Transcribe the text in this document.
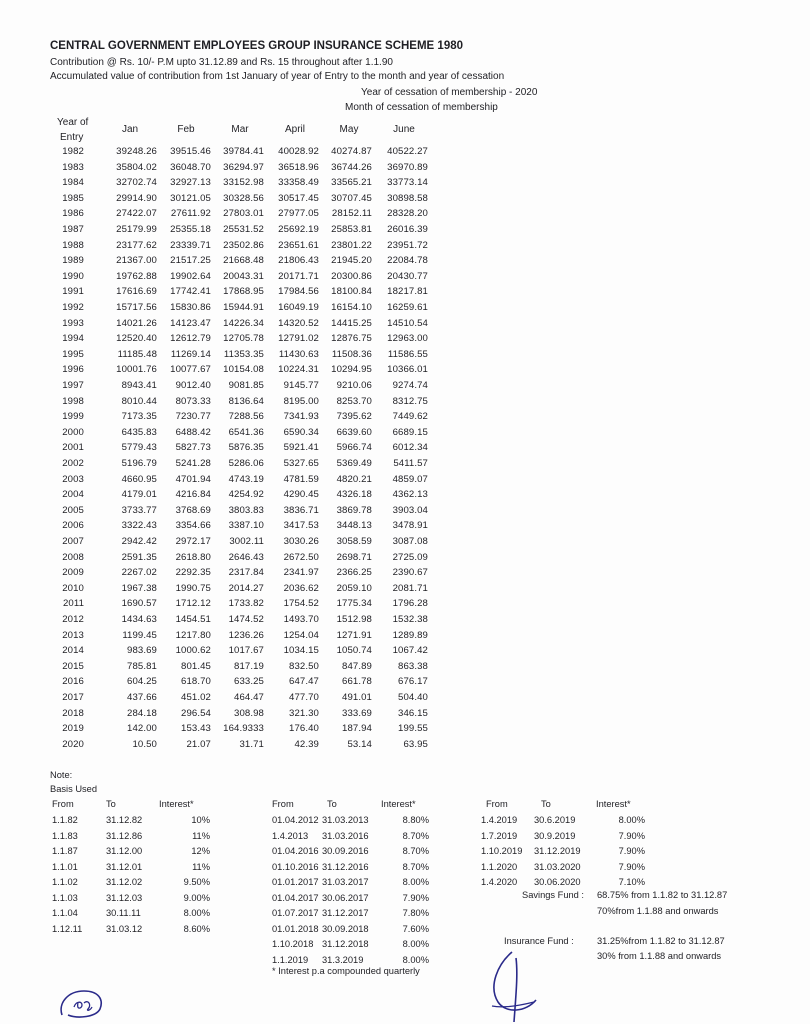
CENTRAL GOVERNMENT EMPLOYEES GROUP INSURANCE SCHEME 1980
Contribution @ Rs. 10/- P.M upto 31.12.89 and Rs. 15 throughout after 1.1.90
Accumulated value of contribution from 1st January of year of Entry to the month and year of cessation
Year of cessation of membership - 2020
Month of cessation of membership
Year of
Entry
Jan	Feb	Mar	April	May	June
1982	39248.26	39515.46	39784.41	40028.92	40274.87	40522.27
1983	35804.02	36048.70	36294.97	36518.96	36744.26	36970.89
1984	32702.74	32927.13	33152.98	33358.49	33565.21	33773.14
1985	29914.90	30121.05	30328.56	30517.45	30707.45	30898.58
1986	27422.07	27611.92	27803.01	27977.05	28152.11	28328.20
1987	25179.99	25355.18	25531.52	25692.19	25853.81	26016.39
1988	23177.62	23339.71	23502.86	23651.61	23801.22	23951.72
1989	21367.00	21517.25	21668.48	21806.43	21945.20	22084.78
1990	19762.88	19902.64	20043.31	20171.71	20300.86	20430.77
1991	17616.69	17742.41	17868.95	17984.56	18100.84	18217.81
1992	15717.56	15830.86	15944.91	16049.19	16154.10	16259.61
1993	14021.26	14123.47	14226.34	14320.52	14415.25	14510.54
1994	12520.40	12612.79	12705.78	12791.02	12876.75	12963.00
1995	11185.48	11269.14	11353.35	11430.63	11508.36	11586.55
1996	10001.76	10077.67	10154.08	10224.31	10294.95	10366.01
1997	8943.41	9012.40	9081.85	9145.77	9210.06	9274.74
1998	8010.44	8073.33	8136.64	8195.00	8253.70	8312.75
1999	7173.35	7230.77	7288.56	7341.93	7395.62	7449.62
2000	6435.83	6488.42	6541.36	6590.34	6639.60	6689.15
2001	5779.43	5827.73	5876.35	5921.41	5966.74	6012.34
2002	5196.79	5241.28	5286.06	5327.65	5369.49	5411.57
2003	4660.95	4701.94	4743.19	4781.59	4820.21	4859.07
2004	4179.01	4216.84	4254.92	4290.45	4326.18	4362.13
2005	3733.77	3768.69	3803.83	3836.71	3869.78	3903.04
2006	3322.43	3354.66	3387.10	3417.53	3448.13	3478.91
2007	2942.42	2972.17	3002.11	3030.26	3058.59	3087.08
2008	2591.35	2618.80	2646.43	2672.50	2698.71	2725.09
2009	2267.02	2292.35	2317.84	2341.97	2366.25	2390.67
2010	1967.38	1990.75	2014.27	2036.62	2059.10	2081.71
2011	1690.57	1712.12	1733.82	1754.52	1775.34	1796.28
2012	1434.63	1454.51	1474.52	1493.70	1512.98	1532.38
2013	1199.45	1217.80	1236.26	1254.04	1271.91	1289.89
2014	983.69	1000.62	1017.67	1034.15	1050.74	1067.42
2015	785.81	801.45	817.19	832.50	847.89	863.38
2016	604.25	618.70	633.25	647.47	661.78	676.17
2017	437.66	451.02	464.47	477.70	491.01	504.40
2018	284.18	296.54	308.98	321.30	333.69	346.15
2019	142.00	153.43	164.9333	176.40	187.94	199.55
2020	10.50	21.07	31.71	42.39	53.14	63.95
Note:
Basis Used
From	To	Interest*
1.1.82	31.12.82	10%
1.1.83	31.12.86	11%
1.1.87	31.12.00	12%
1.1.01	31.12.01	11%
1.1.02	31.12.02	9.50%
1.1.03	31.12.03	9.00%
1.1.04	30.11.11	8.00%
1.12.11	31.03.12	8.60%
From	To	Interest*
01.04.2012 31.03.2013	8.80%
1.4.2013 31.03.2016	8.70%
01.04.2016 30.09.2016	8.70%
01.10.2016 31.12.2016	8.70%
01.01.2017 31.03.2017	8.00%
01.04.2017 30.06.2017	7.90%
01.07.2017 31.12.2017	7.80%
01.01.2018 30.09.2018	7.60%
1.10.2018 31.12.2018	8.00%
1.1.2019 31.3.2019	8.00%
From	To	Interest*
1.4.2019 30.6.2019	8.00%
1.7.2019 30.9.2019	7.90%
1.10.2019 31.12.2019	7.90%
1.1.2020 31.03.2020	7.90%
1.4.2020 30.06.2020	7.10%
* Interest p.a compounded quarterly
Savings Fund : 68.75% from 1.1.82 to 31.12.87
70%from 1.1.88 and onwards
Insurance Fund : 31.25%from 1.1.82 to 31.12.87
30% from 1.1.88 and onwards
